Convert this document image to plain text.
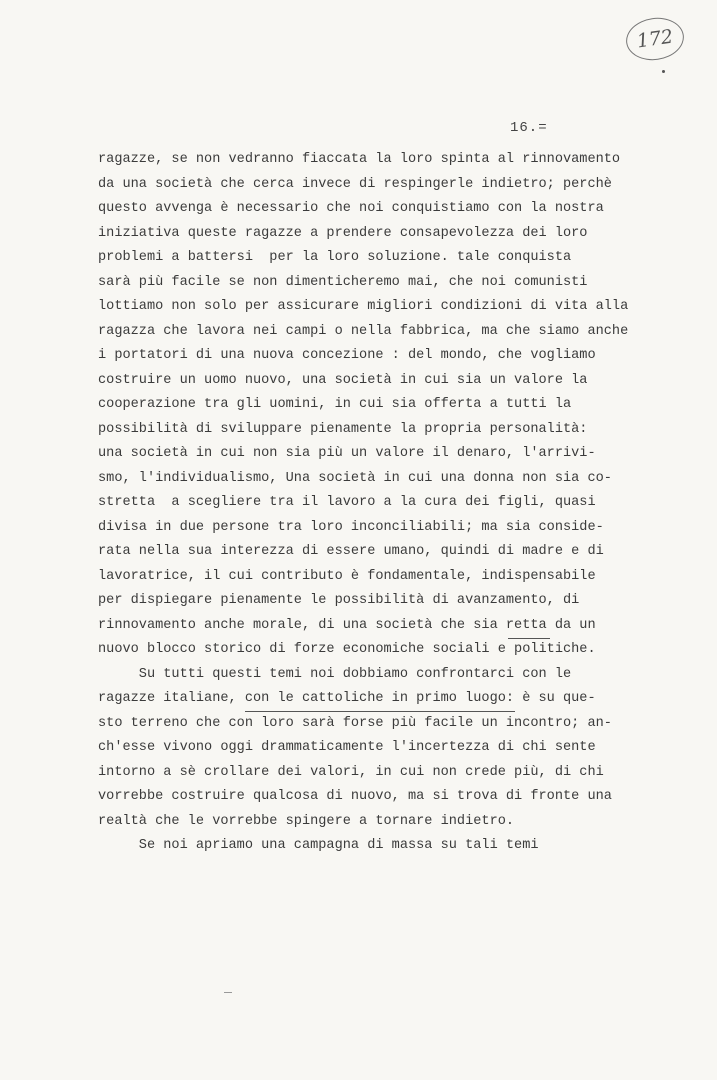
172
16.=
ragazze, se non vedranno fiaccata la loro spinta al rinnovamento
da una società che cerca invece di respingerle indietro; perchè
questo avvenga è necessario che noi conquistiamo con la nostra
iniziativa queste ragazze a prendere consapevolezza dei loro
problemi a battersi  per la loro soluzione. tale conquista
sarà più facile se non dimenticheremo mai, che noi comunisti
lottiamo non solo per assicurare migliori condizioni di vita alla
ragazza che lavora nei campi o nella fabbrica, ma che siamo anche
i portatori di una nuova concezione : del mondo, che vogliamo
costruire un uomo nuovo, una società in cui sia un valore la
cooperazione tra gli uomini, in cui sia offerta a tutti la
possibilità di sviluppare pienamente la propria personalità:
una società in cui non sia più un valore il denaro, l'arrivi-
smo, l'individualismo, Una società in cui una donna non sia co-
stretta  a scegliere tra il lavoro a la cura dei figli, quasi
divisa in due persone tra loro inconciliabili; ma sia conside-
rata nella sua interezza di essere umano, quindi di madre e di
lavoratrice, il cui contributo è fondamentale, indispensabile
per dispiegare pienamente le possibilità di avanzamento, di
rinnovamento anche morale, di una società che sia retta da un
nuovo blocco storico di forze economiche sociali e politiche.
Su tutti questi temi noi dobbiamo confrontarci con le
ragazze italiane, con le cattoliche in primo luogo: è su que-
sto terreno che con loro sarà forse più facile un incontro; an-
ch'esse vivono oggi drammaticamente l'incertezza di chi sente
intorno a sè crollare dei valori, in cui non crede più, di chi
vorrebbe costruire qualcosa di nuovo, ma si trova di fronte una
realtà che le vorrebbe spingere a tornare indietro.
Se noi apriamo una campagna di massa su tali temi
